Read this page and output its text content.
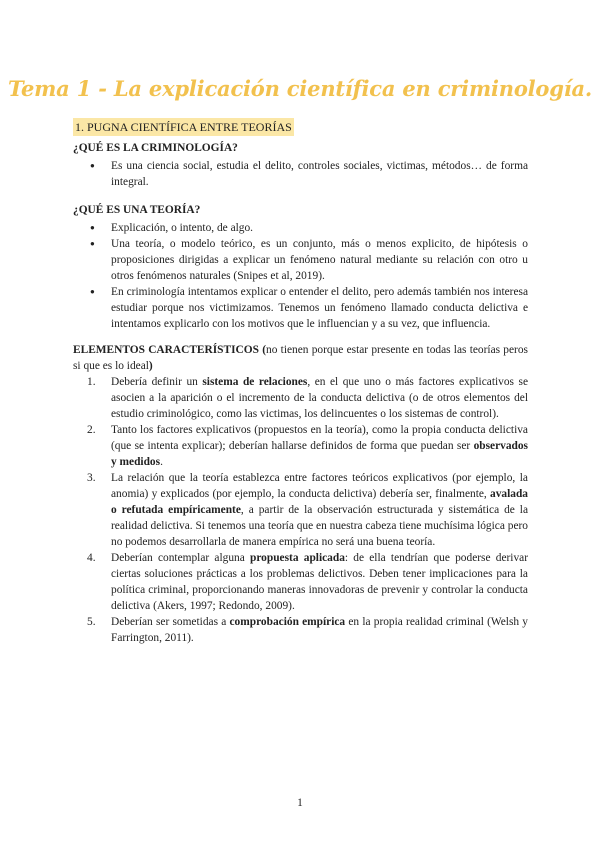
Tema 1 - La explicación científica en criminología.
1. PUGNA CIENTÍFICA ENTRE TEORÍAS
¿QUÉ ES LA CRIMINOLOGÍA?
● Es una ciencia social, estudia el delito, controles sociales, victimas, métodos… de forma integral.
¿QUÉ ES UNA TEORÍA?
● Explicación, o intento, de algo.
● Una teoría, o modelo teórico, es un conjunto, más o menos explicito, de hipótesis o proposiciones dirigidas a explicar un fenómeno natural mediante su relación con otro u otros fenómenos naturales (Snipes et al, 2019).
● En criminología intentamos explicar o entender el delito, pero además también nos interesa estudiar porque nos victimizamos. Tenemos un fenómeno llamado conducta delictiva e intentamos explicarlo con los motivos que le influencian y a su vez, que influencia.
ELEMENTOS CARACTERÍSTICOS (no tienen porque estar presente en todas las teorías peros si que es lo ideal)
1. Debería definir un sistema de relaciones, en el que uno o más factores explicativos se asocien a la aparición o el incremento de la conducta delictiva (o de otros elementos del estudio criminológico, como las victimas, los delincuentes o los sistemas de control).
2. Tanto los factores explicativos (propuestos en la teoría), como la propia conducta delictiva (que se intenta explicar); deberían hallarse definidos de forma que puedan ser observados y medidos.
3. La relación que la teoría establezca entre factores teóricos explicativos (por ejemplo, la anomia) y explicados (por ejemplo, la conducta delictiva) debería ser, finalmente, avalada o refutada empíricamente, a partir de la observación estructurada y sistemática de la realidad delictiva. Si tenemos una teoría que en nuestra cabeza tiene muchísima lógica pero no podemos desarrollarla de manera empírica no será una buena teoría.
4. Deberían contemplar alguna propuesta aplicada: de ella tendrían que poderse derivar ciertas soluciones prácticas a los problemas delictivos. Deben tener implicaciones para la política criminal, proporcionando maneras innovadoras de prevenir y controlar la conducta delictiva (Akers, 1997; Redondo, 2009).
5. Deberían ser sometidas a comprobación empírica en la propia realidad criminal (Welsh y Farrington, 2011).
1
